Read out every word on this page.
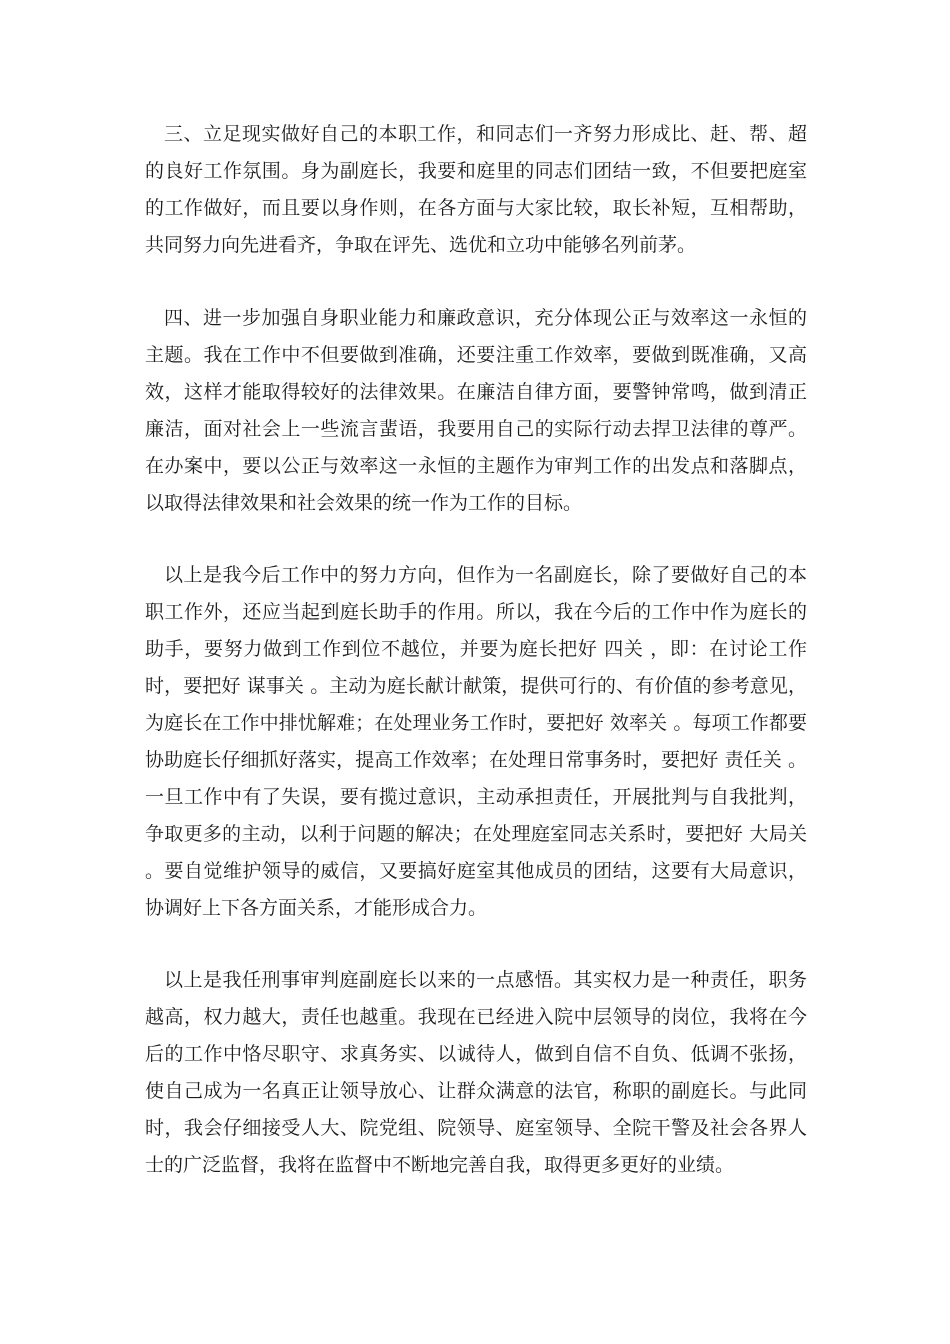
三、立足现实做好自己的本职工作，和同志们一齐努力形成比、赶、帮、超的良好工作氛围。身为副庭长，我要和庭里的同志们团结一致，不但要把庭室的工作做好，而且要以身作则，在各方面与大家比较，取长补短，互相帮助，共同努力向先进看齐，争取在评先、选优和立功中能够名列前茅。

四、进一步加强自身职业能力和廉政意识，充分体现公正与效率这一永恒的主题。我在工作中不但要做到准确，还要注重工作效率，要做到既准确，又高效，这样才能取得较好的法律效果。在廉洁自律方面，要警钟常鸣，做到清正廉洁，面对社会上一些流言蜚语，我要用自己的实际行动去捍卫法律的尊严。在办案中，要以公正与效率这一永恒的主题作为审判工作的出发点和落脚点，以取得法律效果和社会效果的统一作为工作的目标。

以上是我今后工作中的努力方向，但作为一名副庭长，除了要做好自己的本职工作外，还应当起到庭长助手的作用。所以，我在今后的工作中作为庭长的助手，要努力做到工作到位不越位，并要为庭长把好 四关 ，即：在讨论工作时，要把好 谋事关 。主动为庭长献计献策，提供可行的、有价值的参考意见，为庭长在工作中排忧解难；在处理业务工作时，要把好 效率关 。每项工作都要协助庭长仔细抓好落实，提高工作效率；在处理日常事务时，要把好 责任关 。一旦工作中有了失误，要有揽过意识，主动承担责任，开展批判与自我批判，争取更多的主动，以利于问题的解决；在处理庭室同志关系时，要把好 大局关 。要自觉维护领导的威信，又要搞好庭室其他成员的团结，这要有大局意识，协调好上下各方面关系，才能形成合力。

以上是我任刑事审判庭副庭长以来的一点感悟。其实权力是一种责任，职务越高，权力越大，责任也越重。我现在已经进入院中层领导的岗位，我将在今后的工作中恪尽职守、求真务实、以诚待人，做到自信不自负、低调不张扬，使自己成为一名真正让领导放心、让群众满意的法官，称职的副庭长。与此同时，我会仔细接受人大、院党组、院领导、庭室领导、全院干警及社会各界人士的广泛监督，我将在监督中不断地完善自我，取得更多更好的业绩。
